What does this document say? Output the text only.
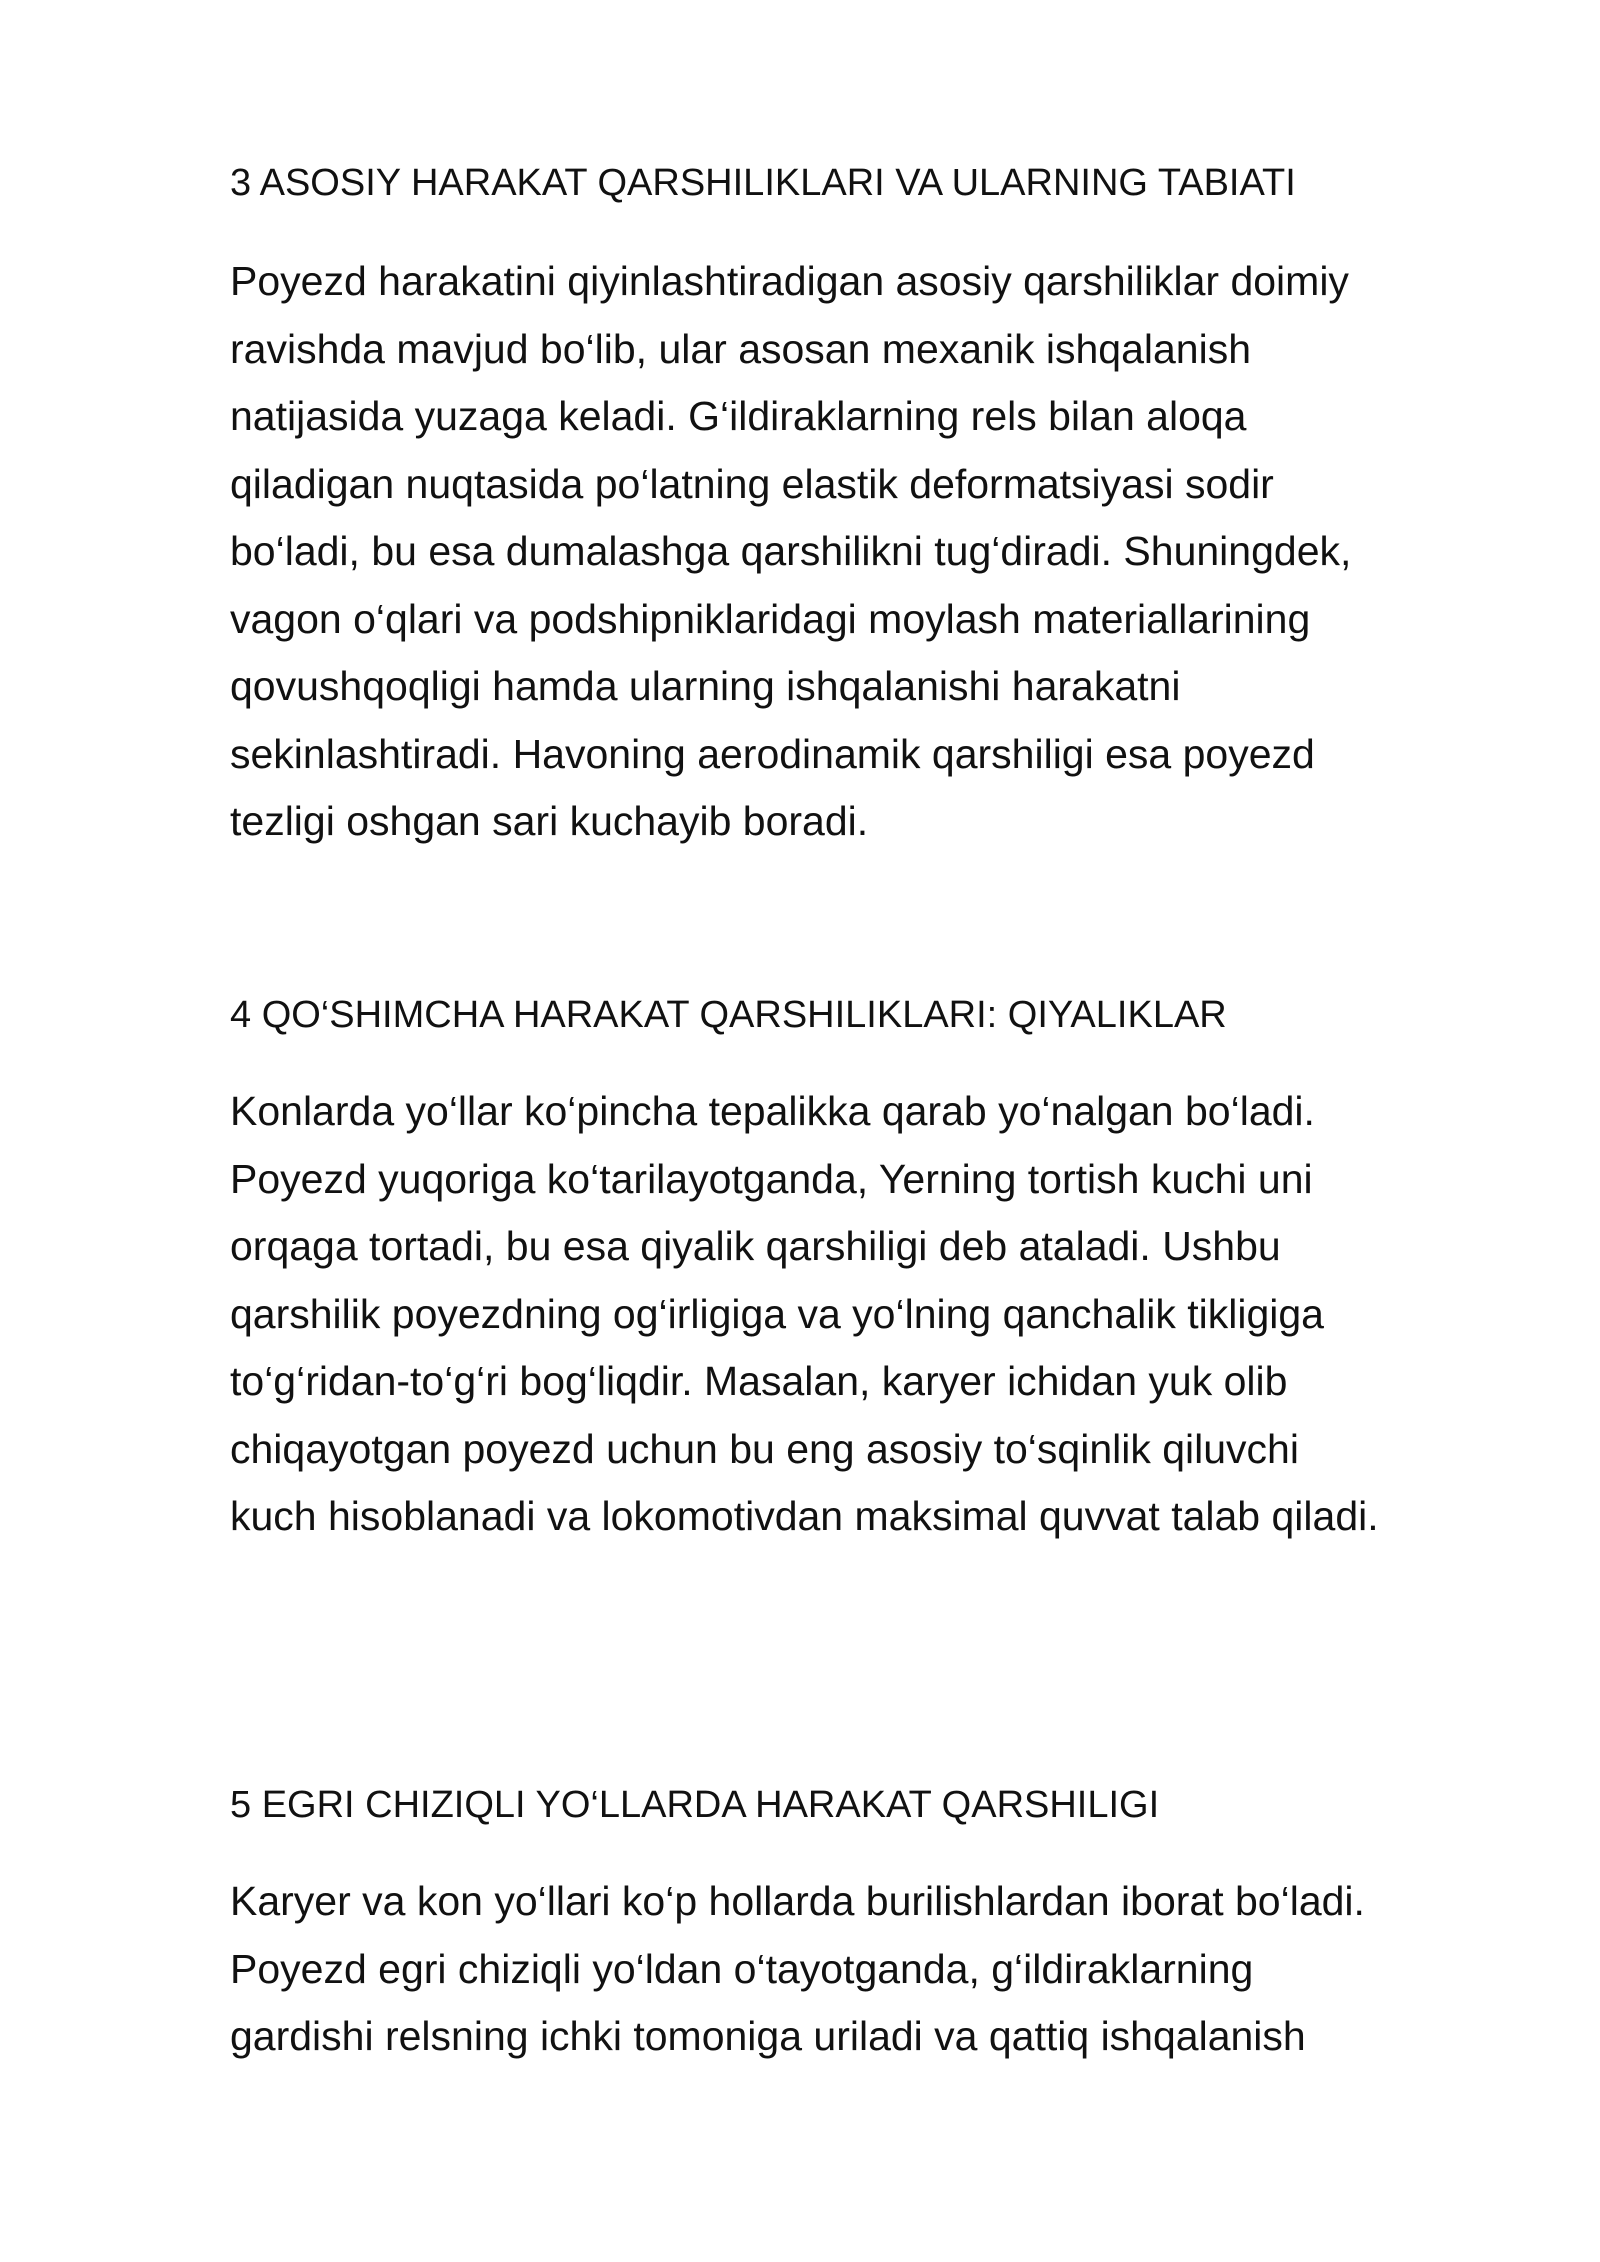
3 ASOSIY HARAKAT QARSHILIKLARI VA ULARNING TABIATI

Poyezd harakatini qiyinlashtiradigan asosiy qarshiliklar doimiy
ravishda mavjud bo‘lib, ular asosan mexanik ishqalanish
natijasida yuzaga keladi. G‘ildiraklarning rels bilan aloqa
qiladigan nuqtasida po‘latning elastik deformatsiyasi sodir
bo‘ladi, bu esa dumalashga qarshilikni tug‘diradi. Shuningdek,
vagon o‘qlari va podshipniklaridagi moylash materiallarining
qovushqoqligi hamda ularning ishqalanishi harakatni
sekinlashtiradi. Havoning aerodinamik qarshiligi esa poyezd
tezligi oshgan sari kuchayib boradi.

4 QO‘SHIMCHA HARAKAT QARSHILIKLARI: QIYALIKLAR

Konlarda yo‘llar ko‘pincha tepalikka qarab yo‘nalgan bo‘ladi.
Poyezd yuqoriga ko‘tarilayotganda, Yerning tortish kuchi uni
orqaga tortadi, bu esa qiyalik qarshiligi deb ataladi. Ushbu
qarshilik poyezdning og‘irligiga va yo‘lning qanchalik tikligiga
to‘g‘ridan-to‘g‘ri bog‘liqdir. Masalan, karyer ichidan yuk olib
chiqayotgan poyezd uchun bu eng asosiy to‘sqinlik qiluvchi
kuch hisoblanadi va lokomotivdan maksimal quvvat talab qiladi.

5 EGRI CHIZIQLI YO‘LLARDA HARAKAT QARSHILIGI

Karyer va kon yo‘llari ko‘p hollarda burilishlardan iborat bo‘ladi.
Poyezd egri chiziqli yo‘ldan o‘tayotganda, g‘ildiraklarning
gardishi relsning ichki tomoniga uriladi va qattiq ishqalanish
